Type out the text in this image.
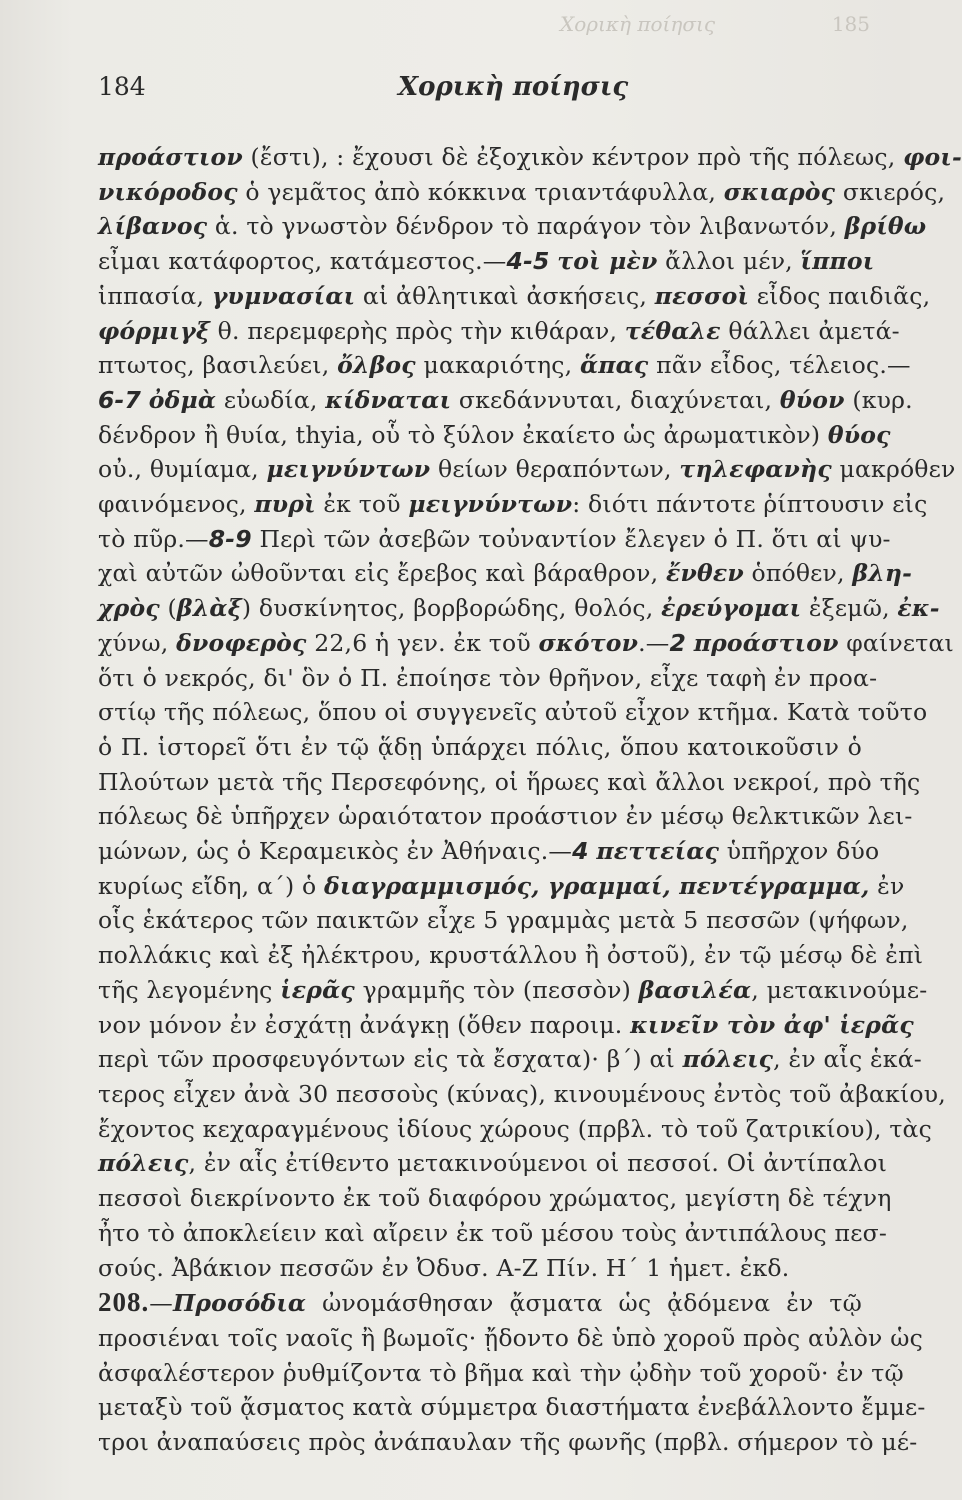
Χορικὴ ποίησις	185
184	Χορικὴ ποίησις
προάστιον (ἔστι), : ἔχουσι δὲ ἐξοχικὸν κέντρον πρὸ τῆς πόλεως, φοι-
νικόροδος ὁ γεμᾶτος ἀπὸ κόκκινα τριαντάφυλλα, σκιαρὸς σκιερός,
λίβανος ἁ. τὸ γνωστὸν δένδρον τὸ παράγον τὸν λιβανωτόν, βρίθω
εἶμαι κατάφορτος, κατάμεστος.—4-5 τοὶ μὲν ἄλλοι μέν, ἵπποι
ἱππασία, γυμνασίαι αἱ ἀθλητικαὶ ἀσκήσεις, πεσσοὶ εἶδος παιδιᾶς,
φόρμιγξ θ. περεμφερὴς πρὸς τὴν κιθάραν, τέθαλε θάλλει ἀμετά-
πτωτος, βασιλεύει, ὄλβος μακαριότης, ἅπας πᾶν εἶδος, τέλειος.—
6-7 ὀδμὰ εὐωδία, κίδναται σκεδάννυται, διαχύνεται, θύον (κυρ.
δένδρον ἢ θυία, thyia, οὗ τὸ ξύλον ἐκαίετο ὡς ἀρωματικὸν) θύος
οὐ., θυμίαμα, μειγνύντων θείων θεραπόντων, τηλεφανὴς μακρόθεν
φαινόμενος, πυρὶ ἐκ τοῦ μειγνύντων: διότι πάντοτε ῥίπτουσιν εἰς
τὸ πῦρ.—8-9 Περὶ τῶν ἀσεβῶν τοὐναντίον ἔλεγεν ὁ Π. ὅτι αἱ ψυ-
χαὶ αὐτῶν ὠθοῦνται εἰς ἔρεβος καὶ βάραθρον, ἔνθεν ὁπόθεν, βλη-
χρὸς (βλὰξ) δυσκίνητος, βορβορώδης, θολός, ἐρεύγομαι ἐξεμῶ, ἐκ-
χύνω, δνοφερὸς 22,6 ἡ γεν. ἐκ τοῦ σκότον.—2 προάστιον φαίνεται
ὅτι ὁ νεκρός, δι' ὃν ὁ Π. ἐποίησε τὸν θρῆνον, εἶχε ταφὴ ἐν προα-
στίῳ τῆς πόλεως, ὅπου οἱ συγγενεῖς αὐτοῦ εἶχον κτῆμα. Κατὰ τοῦτο
ὁ Π. ἱστορεῖ ὅτι ἐν τῷ ᾅδῃ ὑπάρχει πόλις, ὅπου κατοικοῦσιν ὁ
Πλούτων μετὰ τῆς Περσεφόνης, οἱ ἥρωες καὶ ἄλλοι νεκροί, πρὸ τῆς
πόλεως δὲ ὑπῆρχεν ὡραιότατον προάστιον ἐν μέσῳ θελκτικῶν λει-
μώνων, ὡς ὁ Κεραμεικὸς ἐν Ἀθήναις.—4 πεττείας ὑπῆρχον δύο
κυρίως εἴδη, α΄) ὁ διαγραμμισμός, γραμμαί, πεντέγραμμα, ἐν
οἷς ἑκάτερος τῶν παικτῶν εἶχε 5 γραμμὰς μετὰ 5 πεσσῶν (ψήφων,
πολλάκις καὶ ἐξ ἠλέκτρου, κρυστάλλου ἢ ὀστοῦ), ἐν τῷ μέσῳ δὲ ἐπὶ
τῆς λεγομένης ἱερᾶς γραμμῆς τὸν (πεσσὸν) βασιλέα, μετακινούμε-
νον μόνον ἐν ἐσχάτῃ ἀνάγκῃ (ὅθεν παροιμ. κινεῖν τὸν ἀφ' ἱερᾶς
περὶ τῶν προσφευγόντων εἰς τὰ ἔσχατα)· β΄) αἱ πόλεις, ἐν αἷς ἑκά-
τερος εἶχεν ἀνὰ 30 πεσσοὺς (κύνας), κινουμένους ἐντὸς τοῦ ἀβακίου,
ἔχοντος κεχαραγμένους ἰδίους χώρους (πρβλ. τὸ τοῦ ζατρικίου), τὰς
πόλεις, ἐν αἷς ἐτίθεντο μετακινούμενοι οἱ πεσσοί. Οἱ ἀντίπαλοι
πεσσοὶ διεκρίνοντο ἐκ τοῦ διαφόρου χρώματος, μεγίστη δὲ τέχνη
ἦτο τὸ ἀποκλείειν καὶ αἴρειν ἐκ τοῦ μέσου τοὺς ἀντιπάλους πεσ-
σούς. Ἀβάκιον πεσσῶν ἐν Ὀδυσ. Α-Ζ Πίν. Η΄ 1 ἡμετ. ἐκδ.
208.—Προσόδια ὠνομάσθησαν ᾄσματα ὡς ᾀδόμενα ἐν τῷ
προσιέναι τοῖς ναοῖς ἢ βωμοῖς· ᾔδοντο δὲ ὑπὸ χοροῦ πρὸς αὐλὸν ὡς
ἀσφαλέστερον ῥυθμίζοντα τὸ βῆμα καὶ τὴν ᾠδὴν τοῦ χοροῦ· ἐν τῷ
μεταξὺ τοῦ ᾄσματος κατὰ σύμμετρα διαστήματα ἐνεβάλλοντο ἔμμε-
τροι ἀναπαύσεις πρὸς ἀνάπαυλαν τῆς φωνῆς (πρβλ. σήμερον τὸ μέ-
